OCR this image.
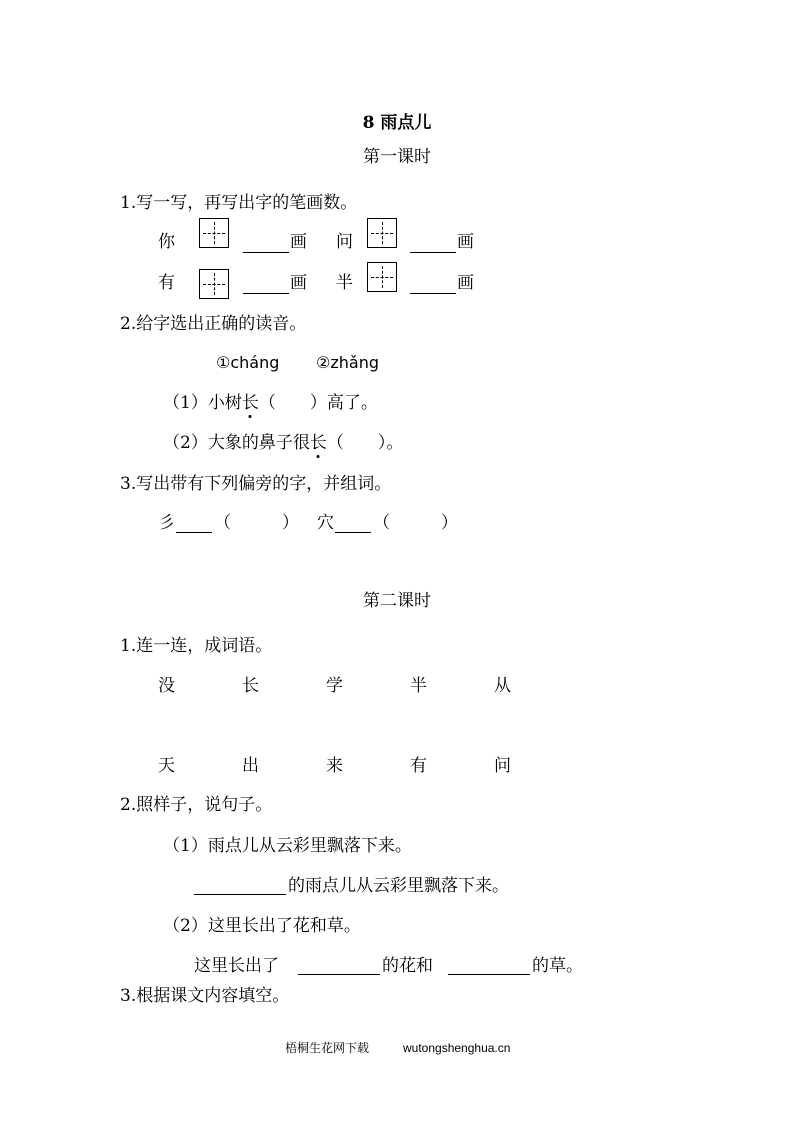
8 雨点儿
第一课时
1.写一写，再写出字的笔画数。
你	画 问	画
有	画 半	画
2.给字选出正确的读音。
①cháng ②zhǎng
（1）小树长（　　）高了。
（2）大象的鼻子很长（　　）。
3.写出带有下列偏旁的字，并组词。
彡 （　　　） 穴 （　　　）
第二课时
1.连一连，成词语。
没	长	学	半	从
天	出	来	有	问
2.照样子，说句子。
（1）雨点儿从云彩里飘落下来。
的雨点儿从云彩里飘落下来。
（2）这里长出了花和草。
这里长出了	的花和	的草。
3.根据课文内容填空。
梧桐生花网下载	wutongshenghua.cn
